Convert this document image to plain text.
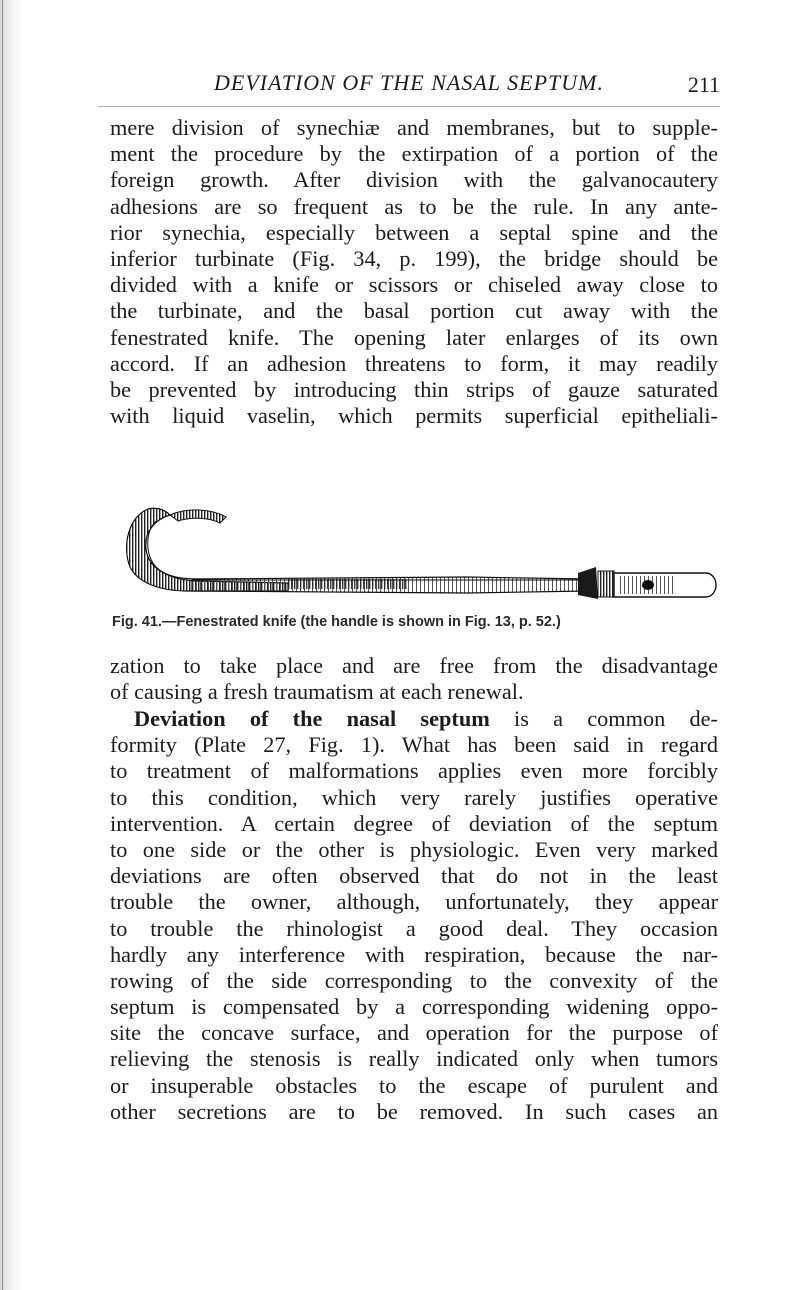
DEVIATION OF THE NASAL SEPTUM.	211
mere division of synechiæ and membranes, but to supple-
ment the procedure by the extirpation of a portion of the
foreign growth. After division with the galvanocautery
adhesions are so frequent as to be the rule. In any ante-
rior synechia, especially between a septal spine and the
inferior turbinate (Fig. 34, p. 199), the bridge should be
divided with a knife or scissors or chiseled away close to
the turbinate, and the basal portion cut away with the
fenestrated knife. The opening later enlarges of its own
accord. If an adhesion threatens to form, it may readily
be prevented by introducing thin strips of gauze saturated
with liquid vaselin, which permits superficial epitheliali-
Fig. 41.—Fenestrated knife (the handle is shown in Fig. 13, p. 52.)
zation to take place and are free from the disadvantage
of causing a fresh traumatism at each renewal.
Deviation of the nasal septum is a common de-
formity (Plate 27, Fig. 1). What has been said in regard
to treatment of malformations applies even more forcibly
to this condition, which very rarely justifies operative
intervention. A certain degree of deviation of the septum
to one side or the other is physiologic. Even very marked
deviations are often observed that do not in the least
trouble the owner, although, unfortunately, they appear
to trouble the rhinologist a good deal. They occasion
hardly any interference with respiration, because the nar-
rowing of the side corresponding to the convexity of the
septum is compensated by a corresponding widening oppo-
site the concave surface, and operation for the purpose of
relieving the stenosis is really indicated only when tumors
or insuperable obstacles to the escape of purulent and
other secretions are to be removed. In such cases an
